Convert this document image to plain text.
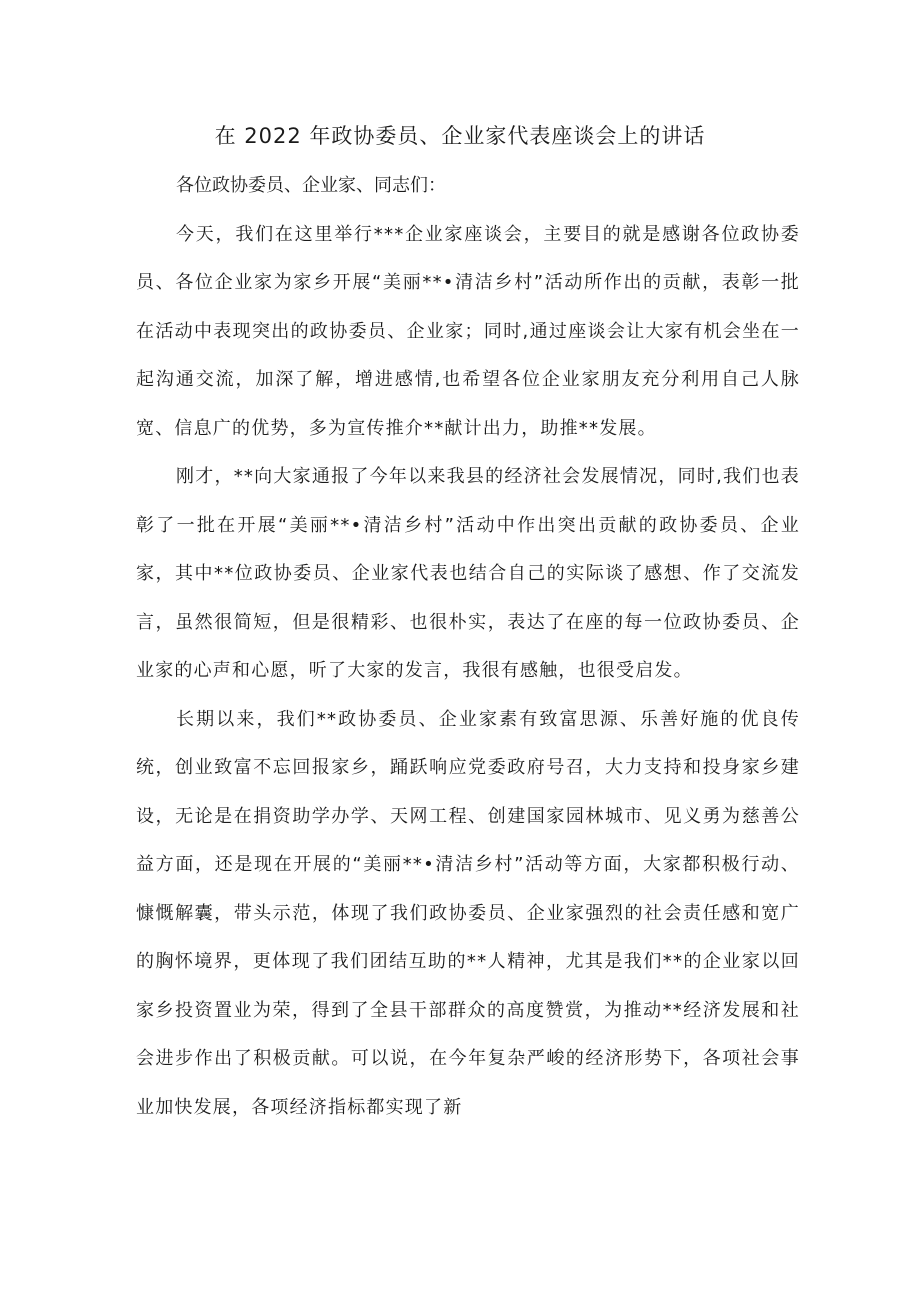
在 2022 年政协委员、企业家代表座谈会上的讲话

各位政协委员、企业家、同志们：

今天，我们在这里举行***企业家座谈会，主要目的就是感谢各位政协委员、各位企业家为家乡开展“美丽**•清洁乡村”活动所作出的贡献，表彰一批在活动中表现突出的政协委员、企业家；同时,通过座谈会让大家有机会坐在一起沟通交流，加深了解，增进感情,也希望各位企业家朋友充分利用自己人脉宽、信息广的优势，多为宣传推介**献计出力，助推**发展。

刚才，**向大家通报了今年以来我县的经济社会发展情况，同时,我们也表彰了一批在开展“美丽**•清洁乡村”活动中作出突出贡献的政协委员、企业家，其中**位政协委员、企业家代表也结合自己的实际谈了感想、作了交流发言，虽然很简短，但是很精彩、也很朴实，表达了在座的每一位政协委员、企业家的心声和心愿，听了大家的发言，我很有感触，也很受启发。

长期以来，我们**政协委员、企业家素有致富思源、乐善好施的优良传统，创业致富不忘回报家乡，踊跃响应党委政府号召，大力支持和投身家乡建设，无论是在捐资助学办学、天网工程、创建国家园林城市、见义勇为慈善公益方面，还是现在开展的“美丽**•清洁乡村”活动等方面，大家都积极行动、慷慨解囊，带头示范，体现了我们政协委员、企业家强烈的社会责任感和宽广的胸怀境界，更体现了我们团结互助的**人精神，尤其是我们**的企业家以回家乡投资置业为荣，得到了全县干部群众的高度赞赏，为推动**经济发展和社会进步作出了积极贡献。可以说，在今年复杂严峻的经济形势下，各项社会事业加快发展，各项经济指标都实现了新
